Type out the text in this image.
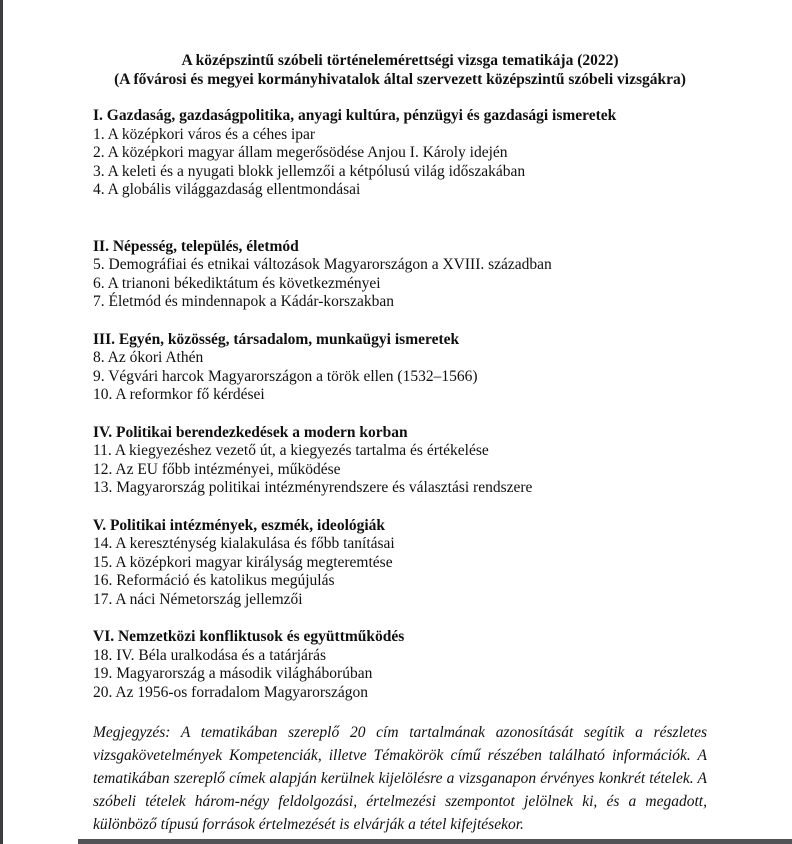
A középszintű szóbeli történelemérettségi vizsga tematikája (2022)
(A fővárosi és megyei kormányhivatalok által szervezett középszintű szóbeli vizsgákra)
I. Gazdaság, gazdaságpolitika, anyagi kultúra, pénzügyi és gazdasági ismeretek
1. A középkori város és a céhes ipar
2. A középkori magyar állam megerősödése Anjou I. Károly idején
3. A keleti és a nyugati blokk jellemzői a kétpólusú világ időszakában
4. A globális világgazdaság ellentmondásai
II. Népesség, település, életmód
5. Demográfiai és etnikai változások Magyarországon a XVIII. században
6. A trianoni békediktátum és következményei
7. Életmód és mindennapok a Kádár-korszakban
III. Egyén, közösség, társadalom, munkaügyi ismeretek
8. Az ókori Athén
9. Végvári harcok Magyarországon a török ellen (1532–1566)
10. A reformkor fő kérdései
IV. Politikai berendezkedések a modern korban
11. A kiegyezéshez vezető út, a kiegyezés tartalma és értékelése
12. Az EU főbb intézményei, működése
13. Magyarország politikai intézményrendszere és választási rendszere
V. Politikai intézmények, eszmék, ideológiák
14. A kereszténység kialakulása és főbb tanításai
15. A középkori magyar királyság megteremtése
16. Reformáció és katolikus megújulás
17. A náci Németország jellemzői
VI. Nemzetközi konfliktusok és együttműködés
18. IV. Béla uralkodása és a tatárjárás
19. Magyarország a második világháborúban
20. Az 1956-os forradalom Magyarországon

Megjegyzés: A tematikában szereplő 20 cím tartalmának azonosítását segítik a részletes vizsgakövetelmények Kompetenciák, illetve Témakörök című részében található információk. A tematikában szereplő címek alapján kerülnek kijelölésre a vizsganapon érvényes konkrét tételek. A szóbeli tételek három-négy feldolgozási, értelmezési szempontot jelölnek ki, és a megadott, különböző típusú források értelmezését is elvárják a tétel kifejtésekor.
